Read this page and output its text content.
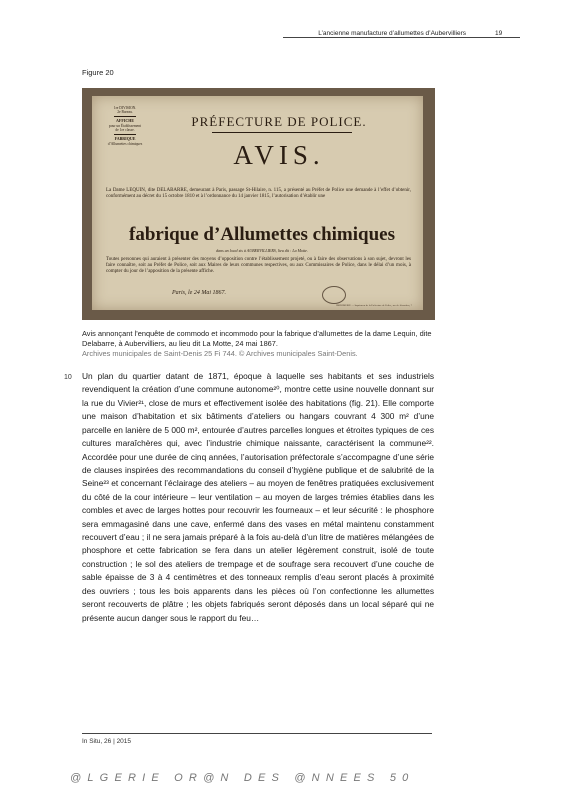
L’ancienne manufacture d’allumettes d’Aubervilliers	19
Figure 20
1re DIVISION.
2e Bureau.
AFFICHE
pour un Établissement
de 1re classe.
FABRIQUE
d’Allumettes chimiques
PRÉFECTURE DE POLICE.
AVIS.
La Dame LEQUIN, dite DELABARRE, demeurant à Paris, passage St-Hilaire, n. 115, a présenté au Préfet de Police une demande à l’effet d’obtenir, conformément au décret du 15 octobre 1810 et à l’ordonnance du 14 janvier 1815, l’autorisation d’établir une
fabrique d’Allumettes chimiques
dans un local sis à AUBERVILLIERS, lieu dit : La Motte.
Toutes personnes qui auraient à présenter des moyens d’opposition contre l’établissement projeté, ou à faire des observations à son sujet, devront les faire connaître, soit au Préfet de Police, soit aux Maires de leurs communes respectives, ou aux Commissaires de Police, dans le délai d’un mois, à compter du jour de l’apposition de la présente affiche.
Paris, le 24 Mai 1867.
IMPRIMERIE — Imprimeur de la Préfecture de Police, rue de Jérusalem, 7
Avis annonçant l’enquête de commodo et incommodo pour la fabrique d’allumettes de la dame Lequin, dite Delabarre, à Aubervilliers, au lieu dit La Motte, 24 mai 1867.
Archives municipales de Saint-Denis 25 Fi 744. © Archives municipales Saint-Denis.
10 Un plan du quartier datant de 1871, époque à laquelle ses habitants et ses industriels revendiquent la création d’une commune autonome²⁰, montre cette usine nouvelle donnant sur la rue du Vivier²¹, close de murs et effectivement isolée des habitations (fig. 21). Elle comporte une maison d’habitation et six bâtiments d’ateliers ou hangars couvrant 4 300 m² d’une parcelle en lanière de 5 000 m², entourée d’autres parcelles longues et étroites typiques de ces cultures maraîchères qui, avec l’industrie chimique naissante, caractérisent la commune²². Accordée pour une durée de cinq années, l’autorisation préfectorale s’accompagne d’une série de clauses inspirées des recommandations du conseil d’hygiène publique et de salubrité de la Seine²³ et concernant l’éclairage des ateliers – au moyen de fenêtres pratiquées exclusivement du côté de la cour intérieure – leur ventilation – au moyen de larges trémies établies dans les combles et avec de larges hottes pour recouvrir les fourneaux – et leur sécurité : le phosphore sera emmagasiné dans une cave, enfermé dans des vases en métal maintenu constamment recouvert d’eau ; il ne sera jamais préparé à la fois au-delà d’un litre de matières mélangées de phosphore et cette fabrication se fera dans un atelier légèrement construit, isolé de toute construction ; le sol des ateliers de trempage et de soufrage sera recouvert d’une couche de sable épaisse de 3 à 4 centimètres et des tonneaux remplis d’eau seront placés à proximité des ouvriers ; tous les bois apparents dans les pièces où l’on confectionne les allumettes seront recouverts de plâtre ; les objets fabriqués seront déposés dans un local séparé qui ne présente aucun danger sous le rapport du feu…
In Situ, 26 | 2015
@LGERIE OR@N DES @NNEES 50
